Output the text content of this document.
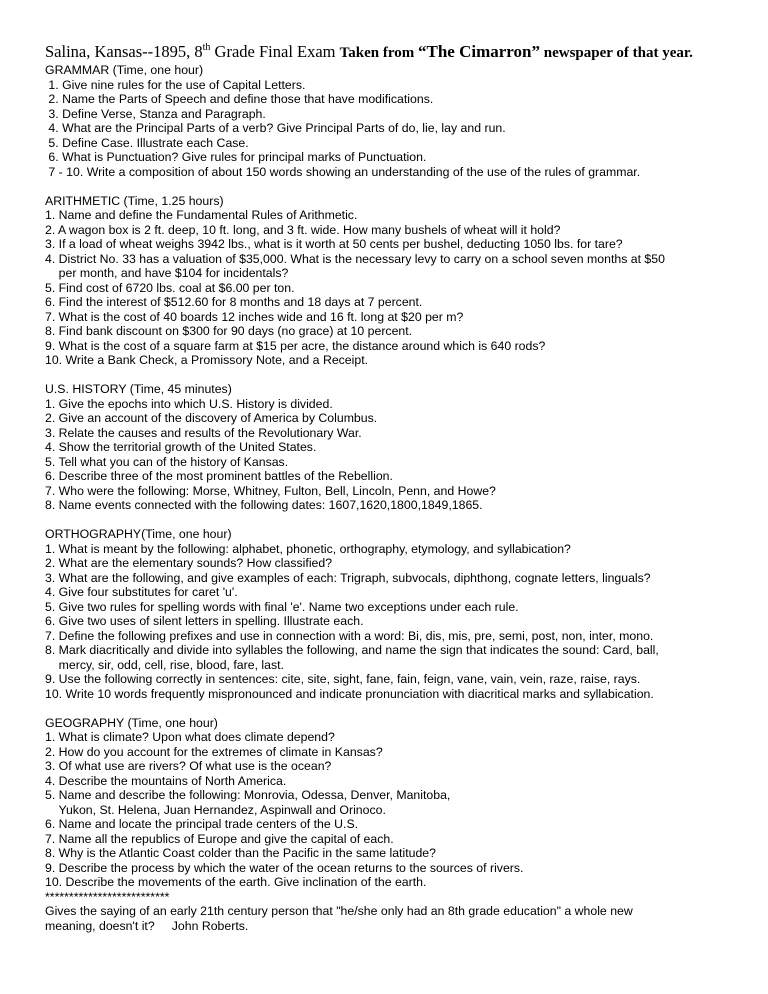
Salina, Kansas--1895, 8th Grade Final Exam Taken from “The Cimarron” newspaper of that year.

GRAMMAR (Time, one hour)

1. Give nine rules for the use of Capital Letters.

2. Name the Parts of Speech and define those that have modifications.

3. Define Verse, Stanza and Paragraph.

4. What are the Principal Parts of a verb? Give Principal Parts of do, lie, lay and run.

5. Define Case. Illustrate each Case.

6. What is Punctuation? Give rules for principal marks of Punctuation.

7 - 10. Write a composition of about 150 words showing an understanding of the use of the rules of grammar.

ARITHMETIC (Time, 1.25 hours)

1. Name and define the Fundamental Rules of Arithmetic.

2. A wagon box is 2 ft. deep, 10 ft. long, and 3 ft. wide. How many bushels of wheat will it hold?

3. If a load of wheat weighs 3942 lbs., what is it worth at 50 cents per bushel, deducting 1050 lbs. for tare?

4. District No. 33 has a valuation of $35,000. What is the necessary levy to carry on a school seven months at $50

per month, and have $104 for incidentals?

5. Find cost of 6720 lbs. coal at $6.00 per ton.

6. Find the interest of $512.60 for 8 months and 18 days at 7 percent.

7. What is the cost of 40 boards 12 inches wide and 16 ft. long at $20 per m?

8. Find bank discount on $300 for 90 days (no grace) at 10 percent.

9. What is the cost of a square farm at $15 per acre, the distance around which is 640 rods?

10. Write a Bank Check, a Promissory Note, and a Receipt.

U.S. HISTORY (Time, 45 minutes)

1. Give the epochs into which U.S. History is divided.

2. Give an account of the discovery of America by Columbus.

3. Relate the causes and results of the Revolutionary War.

4. Show the territorial growth of the United States.

5. Tell what you can of the history of Kansas.

6. Describe three of the most prominent battles of the Rebellion.

7. Who were the following: Morse, Whitney, Fulton, Bell, Lincoln, Penn, and Howe?

8. Name events connected with the following dates: 1607,1620,1800,1849,1865.

ORTHOGRAPHY(Time, one hour)

1. What is meant by the following: alphabet, phonetic, orthography, etymology, and syllabication?

2. What are the elementary sounds? How classified?

3. What are the following, and give examples of each: Trigraph, subvocals, diphthong, cognate letters, linguals?

4. Give four substitutes for caret 'u'.

5. Give two rules for spelling words with final 'e'. Name two exceptions under each rule.

6. Give two uses of silent letters in spelling. Illustrate each.

7. Define the following prefixes and use in connection with a word: Bi, dis, mis, pre, semi, post, non, inter, mono.

8. Mark diacritically and divide into syllables the following, and name the sign that indicates the sound: Card, ball,

mercy, sir, odd, cell, rise, blood, fare, last.

9. Use the following correctly in sentences: cite, site, sight, fane, fain, feign, vane, vain, vein, raze, raise, rays.

10. Write 10 words frequently mispronounced and indicate pronunciation with diacritical marks and syllabication.

GEOGRAPHY (Time, one hour)

1. What is climate? Upon what does climate depend?

2. How do you account for the extremes of climate in Kansas?

3. Of what use are rivers? Of what use is the ocean?

4. Describe the mountains of North America.

5. Name and describe the following: Monrovia, Odessa, Denver, Manitoba,

Yukon, St. Helena, Juan Hernandez, Aspinwall and Orinoco.

6. Name and locate the principal trade centers of the U.S.

7. Name all the republics of Europe and give the capital of each.

8. Why is the Atlantic Coast colder than the Pacific in the same latitude?

9. Describe the process by which the water of the ocean returns to the sources of rivers.

10. Describe the movements of the earth. Give inclination of the earth.

**************************

Gives the saying of an early 21th century person that "he/she only had an 8th grade education" a whole new

meaning, doesn't it?     John Roberts.
